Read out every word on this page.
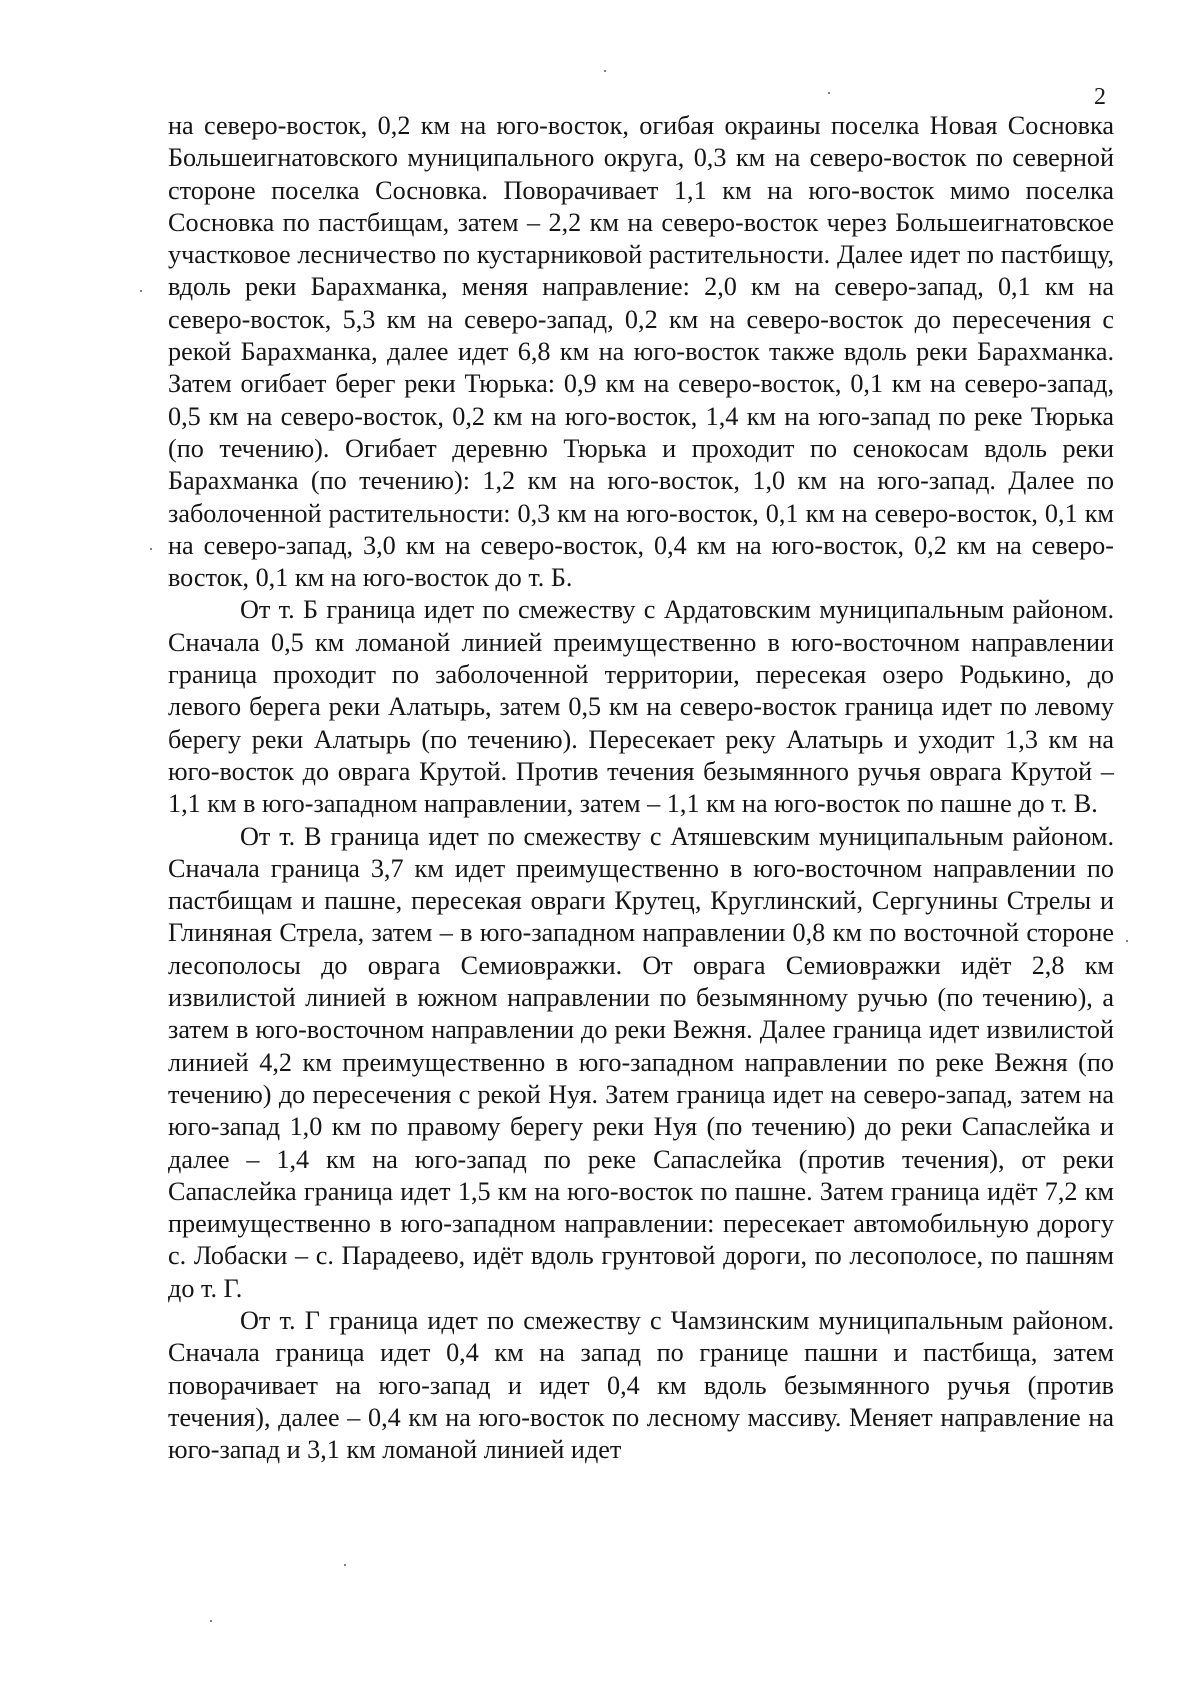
2

на северо-восток, 0,2 км на юго-восток, огибая окраины поселка Новая Сосновка Большеигнатовского муниципального округа, 0,3 км на северо-восток по северной стороне поселка Сосновка. Поворачивает 1,1 км на юго-восток мимо поселка Сосновка по пастбищам, затем – 2,2 км на северо-восток через Большеигнатовское участковое лесничество по кустарниковой растительности. Далее идет по пастбищу, вдоль реки Барахманка, меняя направление: 2,0 км на северо-запад, 0,1 км на северо-восток, 5,3 км на северо-запад, 0,2 км на северо-восток до пересечения с рекой Барахманка, далее идет 6,8 км на юго-восток также вдоль реки Барахманка. Затем огибает берег реки Тюрька: 0,9 км на северо-восток, 0,1 км на северо-запад, 0,5 км на северо-восток, 0,2 км на юго-восток, 1,4 км на юго-запад по реке Тюрька (по течению). Огибает деревню Тюрька и проходит по сенокосам вдоль реки Барахманка (по течению): 1,2 км на юго-восток, 1,0 км на юго-запад. Далее по заболоченной растительности: 0,3 км на юго-восток, 0,1 км на северо-восток, 0,1 км на северо-запад, 3,0 км на северо-восток, 0,4 км на юго-восток, 0,2 км на северо-восток, 0,1 км на юго-восток до т. Б.

От т. Б граница идет по смежеству с Ардатовским муниципальным районом. Сначала 0,5 км ломаной линией преимущественно в юго-восточном направлении граница проходит по заболоченной территории, пересекая озеро Родькино, до левого берега реки Алатырь, затем 0,5 км на северо-восток граница идет по левому берегу реки Алатырь (по течению). Пересекает реку Алатырь и уходит 1,3 км на юго-восток до оврага Крутой. Против течения безымянного ручья оврага Крутой – 1,1 км в юго-западном направлении, затем – 1,1 км на юго-восток по пашне до т. В.

От т. В граница идет по смежеству с Атяшевским муниципальным районом. Сначала граница 3,7 км идет преимущественно в юго-восточном направлении по пастбищам и пашне, пересекая овраги Крутец, Круглинский, Сергунины Стрелы и Глиняная Стрела, затем – в юго-западном направлении 0,8 км по восточной стороне лесополосы до оврага Семиовражки. От оврага Семиовражки идёт 2,8 км извилистой линией в южном направлении по безымянному ручью (по течению), а затем в юго-восточном направлении до реки Вежня. Далее граница идет извилистой линией 4,2 км преимущественно в юго-западном направлении по реке Вежня (по течению) до пересечения с рекой Нуя. Затем граница идет на северо-запад, затем на юго-запад 1,0 км по правому берегу реки Нуя (по течению) до реки Сапаслейка и далее – 1,4 км на юго-запад по реке Сапаслейка (против течения), от реки Сапаслейка граница идет 1,5 км на юго-восток по пашне. Затем граница идёт 7,2 км преимущественно в юго-западном направлении: пересекает автомобильную дорогу с. Лобаски – с. Парадеево, идёт вдоль грунтовой дороги, по лесополосе, по пашням до т. Г.

От т. Г граница идет по смежеству с Чамзинским муниципальным районом. Сначала граница идет 0,4 км на запад по границе пашни и пастбища, затем поворачивает на юго-запад и идет 0,4 км вдоль безымянного ручья (против течения), далее – 0,4 км на юго-восток по лесному массиву. Меняет направление на юго-запад и 3,1 км ломаной линией идет
